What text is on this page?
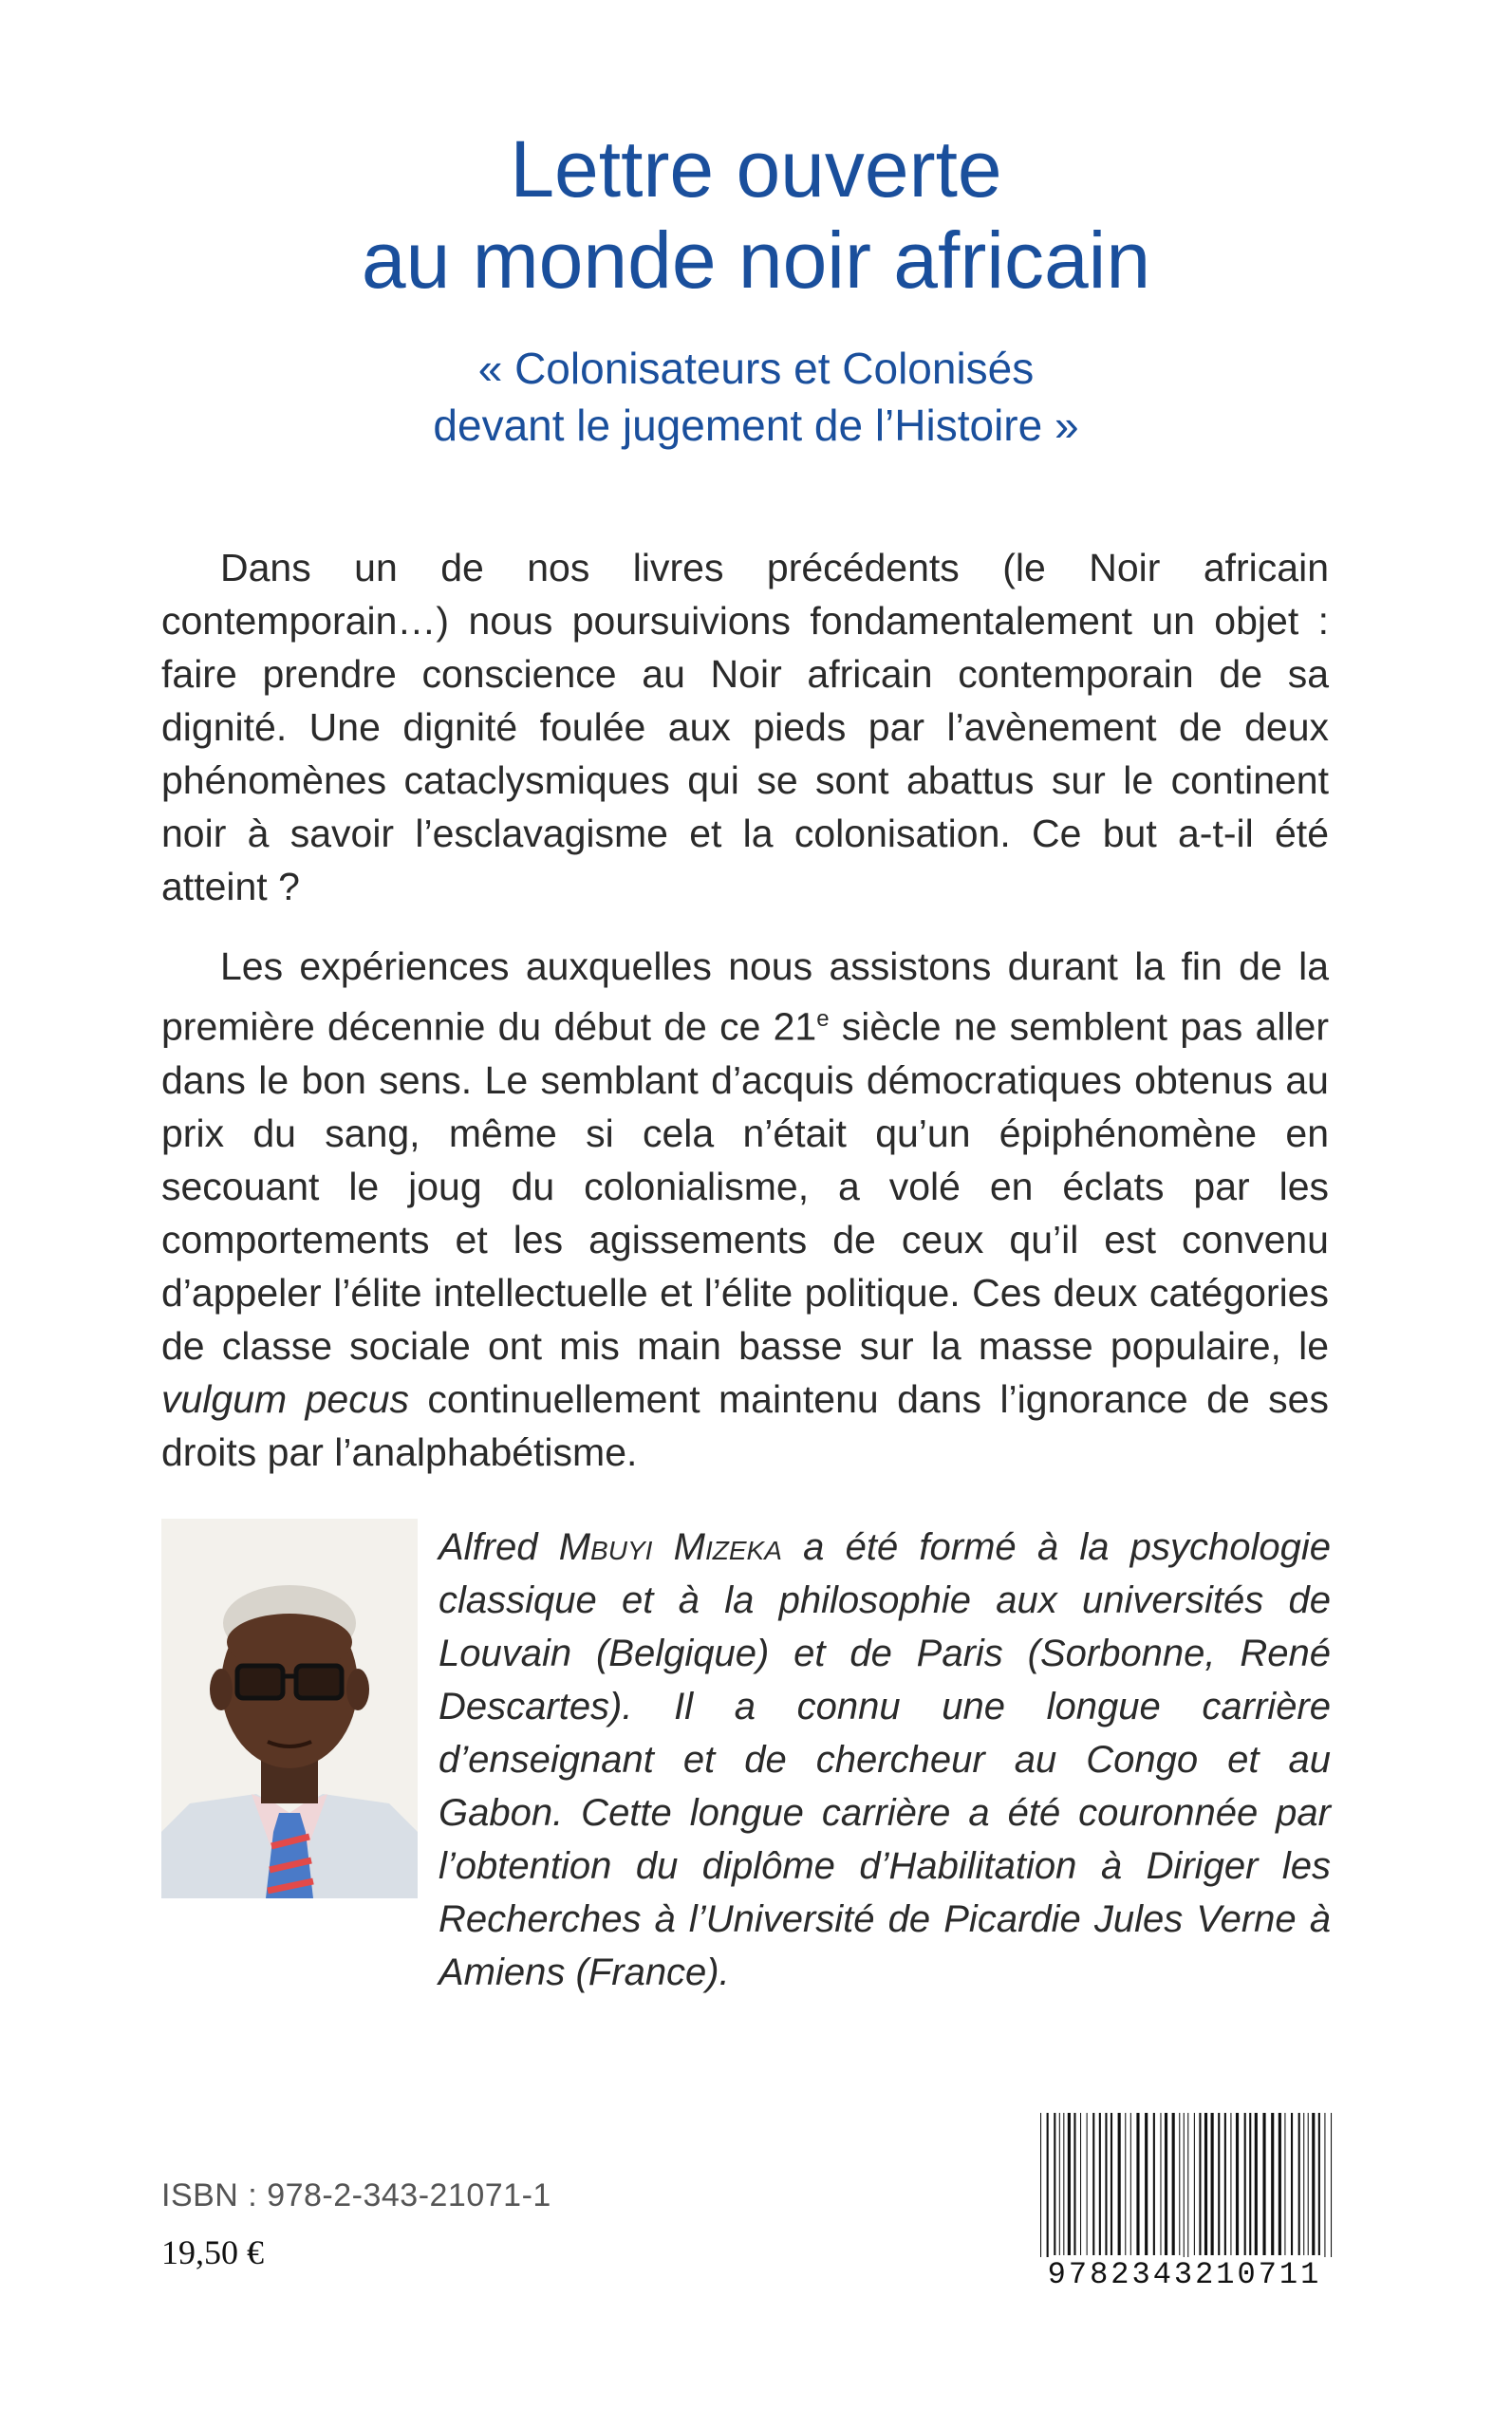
Lettre ouverte
au monde noir africain
« Colonisateurs et Colonisés
devant le jugement de l’Histoire »

Dans un de nos livres précédents (le Noir africain contemporain…) nous poursuivions fondamentalement un objet : faire prendre conscience au Noir africain contemporain de sa dignité. Une dignité foulée aux pieds par l’avènement de deux phénomènes cataclysmiques qui se sont abattus sur le continent noir à savoir l’esclavagisme et la colonisation. Ce but a-t-il été atteint ?

Les expériences auxquelles nous assistons durant la fin de la première décennie du début de ce 21e siècle ne semblent pas aller dans le bon sens. Le semblant d’acquis démocratiques obtenus au prix du sang, même si cela n’était qu’un épiphénomène en secouant le joug du colonialisme, a volé en éclats par les comportements et les agissements de ceux qu’il est convenu d’appeler l’élite intellectuelle et l’élite politique. Ces deux catégories de classe sociale ont mis main basse sur la masse populaire, le vulgum pecus continuellement maintenu dans l’ignorance de ses droits par l’analphabétisme.

Alfred Mbuyi Mizeka a été formé à la psychologie classique et à la philosophie aux universités de Louvain (Belgique) et de Paris (Sorbonne, René Descartes). Il a connu une longue carrière d’enseignant et de chercheur au Congo et au Gabon. Cette longue carrière a été couronnée par l’obtention du diplôme d’Habilitation à Diriger les Recherches à l’Université de Picardie Jules Verne à Amiens (France).
ISBN : 978-2-343-21071-1
19,50 €
9782343210711
